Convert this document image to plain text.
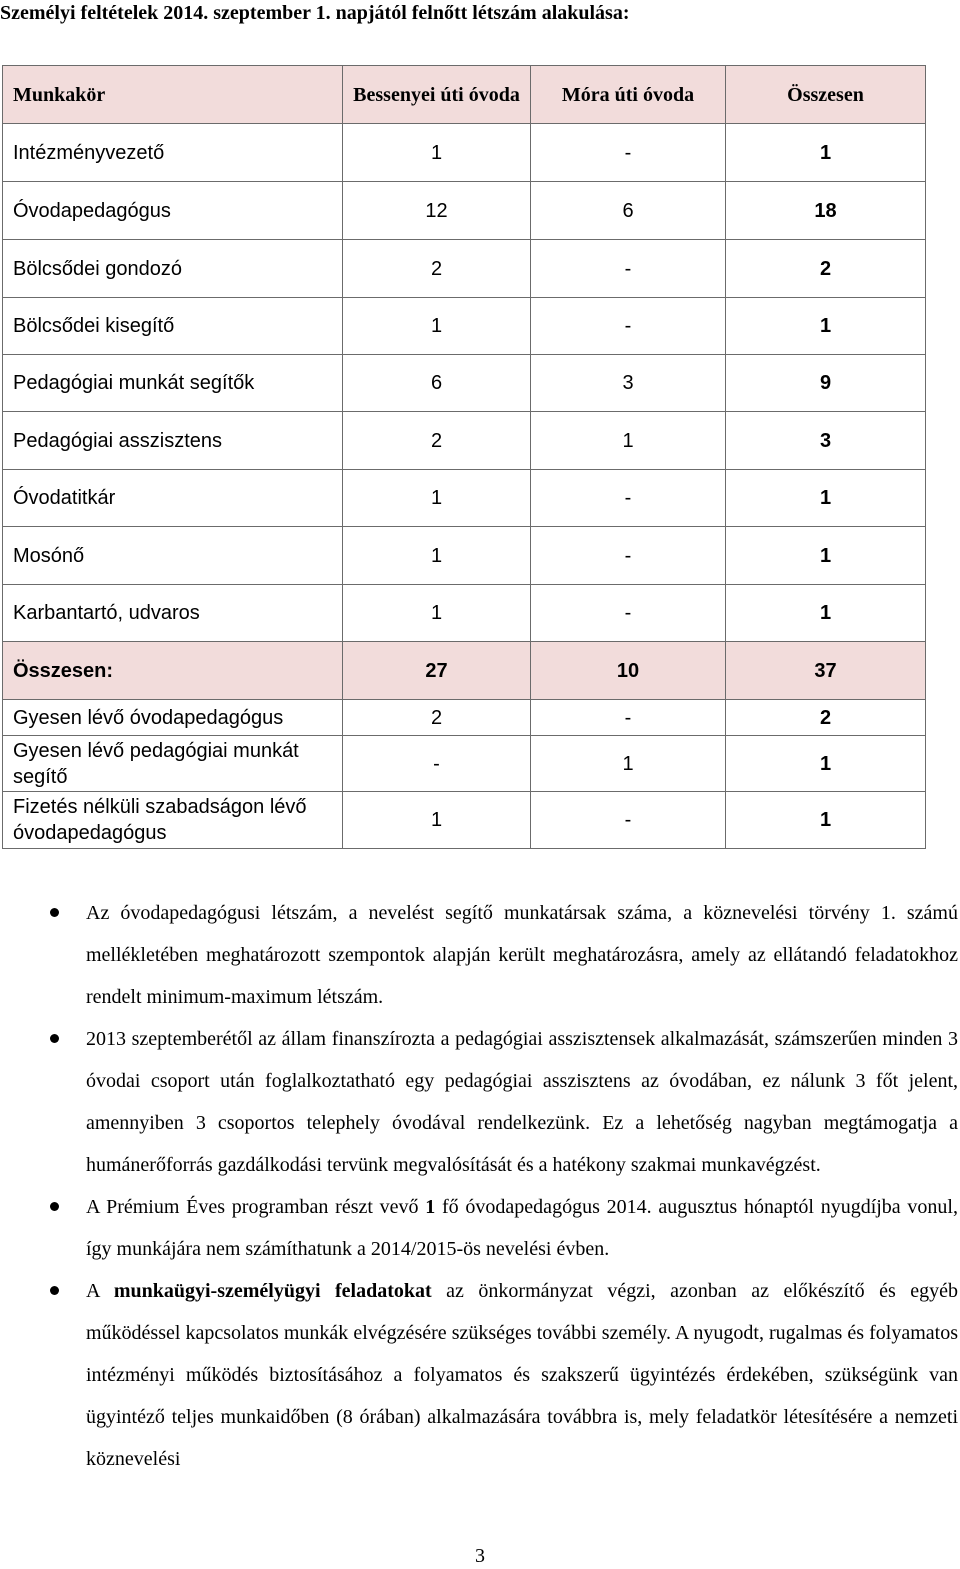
Személyi feltételek 2014. szeptember 1. napjától felnőtt létszám alakulása:
Munkakör	Bessenyei úti óvoda	Móra úti óvoda	Összesen
Intézményvezető	1	-	1
Óvodapedagógus	12	6	18
Bölcsődei gondozó	2	-	2
Bölcsődei kisegítő	1	-	1
Pedagógiai munkát segítők	6	3	9
Pedagógiai asszisztens	2	1	3
Óvodatitkár	1	-	1
Mosónő	1	-	1
Karbantartó, udvaros	1	-	1
Összesen:	27	10	37
Gyesen lévő óvodapedagógus	2	-	2
Gyesen lévő pedagógiai munkát segítő	-	1	1
Fizetés nélküli szabadságon lévő óvodapedagógus	1	-	1
Az óvodapedagógusi létszám, a nevelést segítő munkatársak száma, a köznevelési törvény 1. számú mellékletében meghatározott szempontok alapján került meghatározásra, amely az ellátandó feladatokhoz rendelt minimum-maximum létszám.
2013 szeptemberétől az állam finanszírozta a pedagógiai asszisztensek alkalmazását, számszerűen minden 3 óvodai csoport után foglalkoztatható egy pedagógiai asszisztens az óvodában, ez nálunk 3 főt jelent, amennyiben 3 csoportos telephely óvodával rendelkezünk. Ez a lehetőség nagyban megtámogatja a humánerőforrás gazdálkodási tervünk megvalósítását és a hatékony szakmai munkavégzést.
A Prémium Éves programban részt vevő 1 fő óvodapedagógus 2014. augusztus hónaptól nyugdíjba vonul, így munkájára nem számíthatunk a 2014/2015-ös nevelési évben.
A munkaügyi-személyügyi feladatokat az önkormányzat végzi, azonban az előkészítő és egyéb működéssel kapcsolatos munkák elvégzésére szükséges további személy. A nyugodt, rugalmas és folyamatos intézményi működés biztosításához a folyamatos és szakszerű ügyintézés érdekében, szükségünk van ügyintéző teljes munkaidőben (8 órában) alkalmazására továbbra is, mely feladatkör létesítésére a nemzeti köznevelési
3
